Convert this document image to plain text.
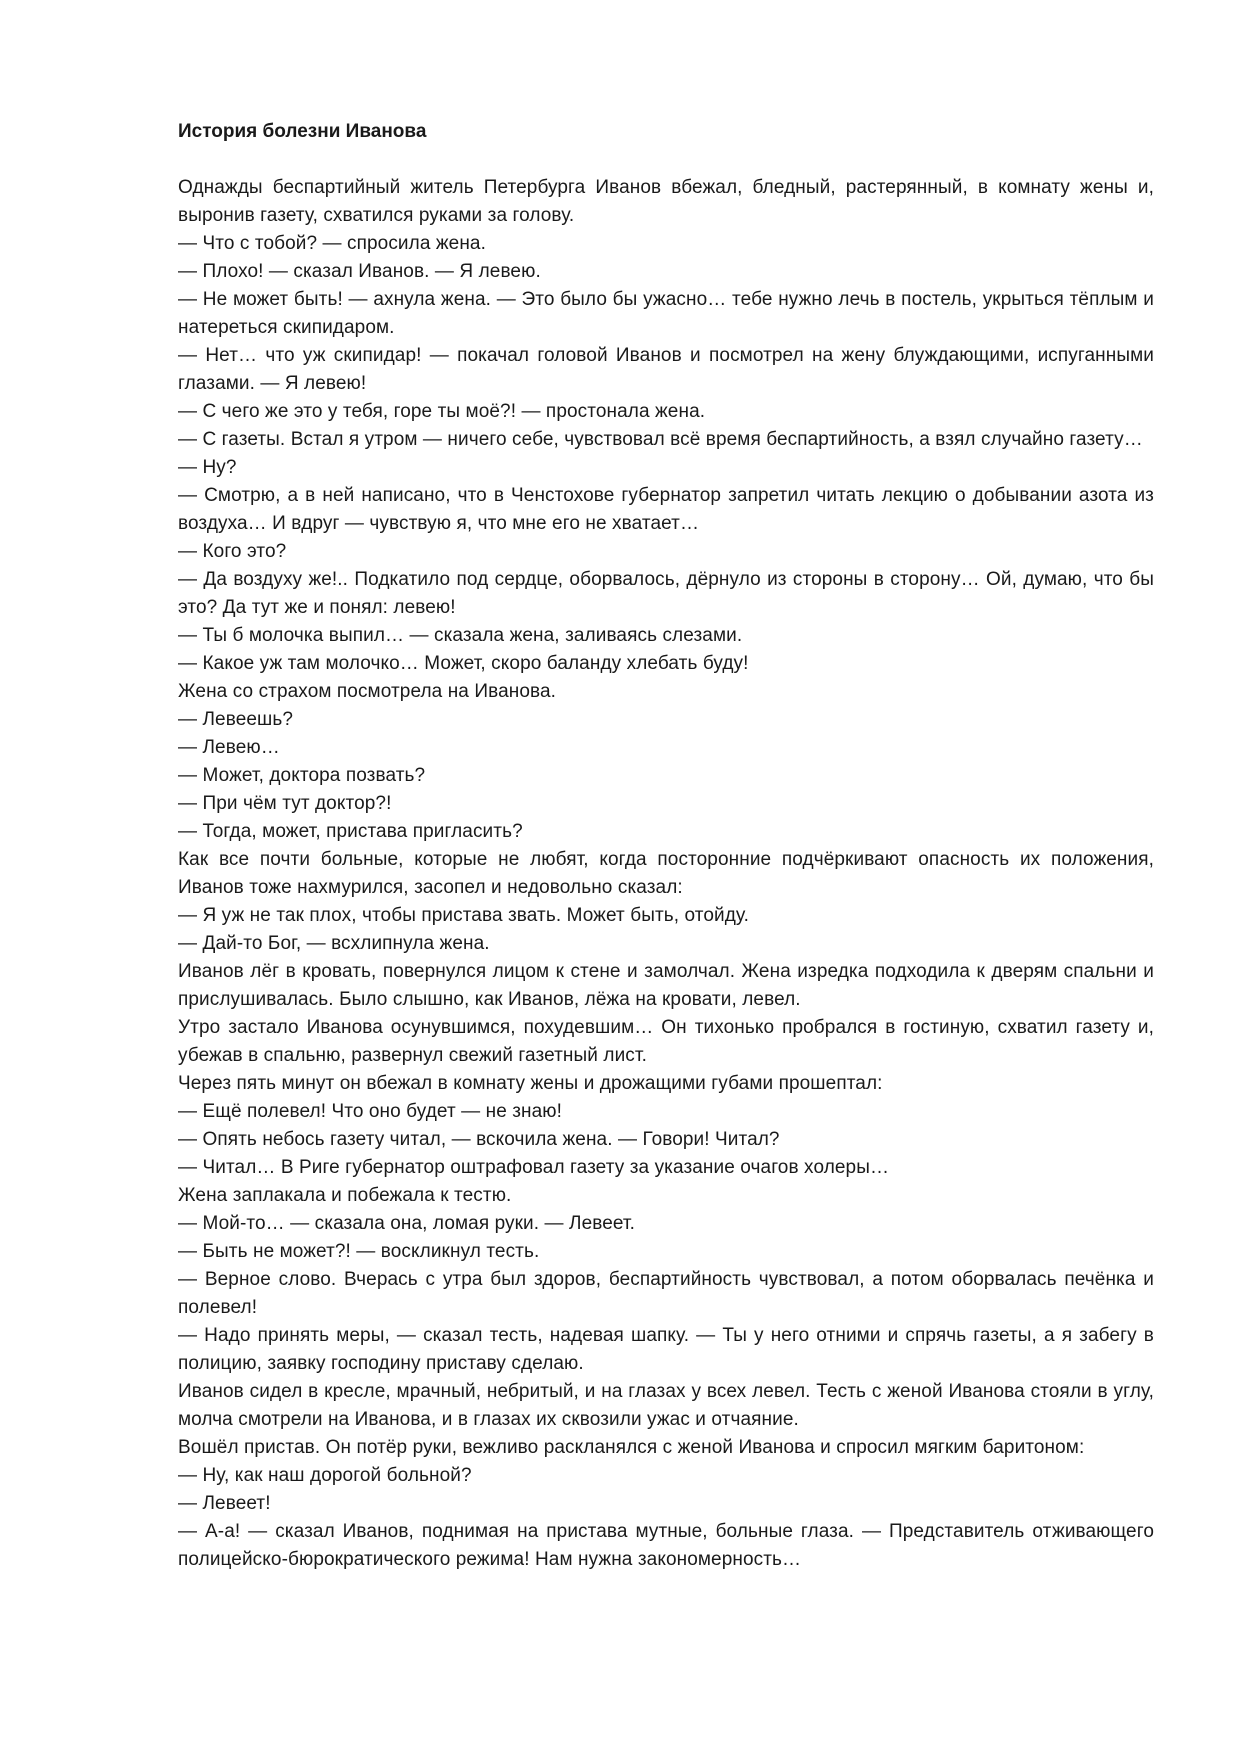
История болезни Иванова

Однажды беспартийный житель Петербурга Иванов вбежал, бледный, растерянный, в комнату жены и, выронив газету, схватился руками за голову.

— Что с тобой? — спросила жена.

— Плохо! — сказал Иванов. — Я левею.

— Не может быть! — ахнула жена. — Это было бы ужасно… тебе нужно лечь в постель, укрыться тёплым и натереться скипидаром.

— Нет… что уж скипидар! — покачал головой Иванов и посмотрел на жену блуждающими, испуганными глазами. — Я левею!

— С чего же это у тебя, горе ты моё?! — простонала жена.

— С газеты. Встал я утром — ничего себе, чувствовал всё время беспартийность, а взял случайно газету…

— Ну?

— Смотрю, а в ней написано, что в Ченстохове губернатор запретил читать лекцию о добывании азота из воздуха… И вдруг — чувствую я, что мне его не хватает…

— Кого это?

— Да воздуху же!.. Подкатило под сердце, оборвалось, дёрнуло из стороны в сторону… Ой, думаю, что бы это? Да тут же и понял: левею!

— Ты б молочка выпил… — сказала жена, заливаясь слезами.

— Какое уж там молочко… Может, скоро баланду хлебать буду!

Жена со страхом посмотрела на Иванова.

— Левеешь?

— Левею…

— Может, доктора позвать?

— При чём тут доктор?!

— Тогда, может, пристава пригласить?

Как все почти больные, которые не любят, когда посторонние подчёркивают опасность их положения, Иванов тоже нахмурился, засопел и недовольно сказал:

— Я уж не так плох, чтобы пристава звать. Может быть, отойду.

— Дай-то Бог, — всхлипнула жена.

Иванов лёг в кровать, повернулся лицом к стене и замолчал. Жена изредка подходила к дверям спальни и прислушивалась. Было слышно, как Иванов, лёжа на кровати, левел.

Утро застало Иванова осунувшимся, похудевшим… Он тихонько пробрался в гостиную, схватил газету и, убежав в спальню, развернул свежий газетный лист.

Через пять минут он вбежал в комнату жены и дрожащими губами прошептал:

— Ещё полевел! Что оно будет — не знаю!

— Опять небось газету читал, — вскочила жена. — Говори! Читал?

— Читал… В Риге губернатор оштрафовал газету за указание очагов холеры…

Жена заплакала и побежала к тестю.

— Мой-то… — сказала она, ломая руки. — Левеет.

— Быть не может?! — воскликнул тесть.

— Верное слово. Вчерась с утра был здоров, беспартийность чувствовал, а потом оборвалась печёнка и полевел!

— Надо принять меры, — сказал тесть, надевая шапку. — Ты у него отними и спрячь газеты, а я забегу в полицию, заявку господину приставу сделаю.

Иванов сидел в кресле, мрачный, небритый, и на глазах у всех левел. Тесть с женой Иванова стояли в углу, молча смотрели на Иванова, и в глазах их сквозили ужас и отчаяние.

Вошёл пристав. Он потёр руки, вежливо раскланялся с женой Иванова и спросил мягким баритоном:

— Ну, как наш дорогой больной?

— Левеет!

— А-а! — сказал Иванов, поднимая на пристава мутные, больные глаза. — Представитель отживающего полицейско-бюрократического режима! Нам нужна закономерность…
